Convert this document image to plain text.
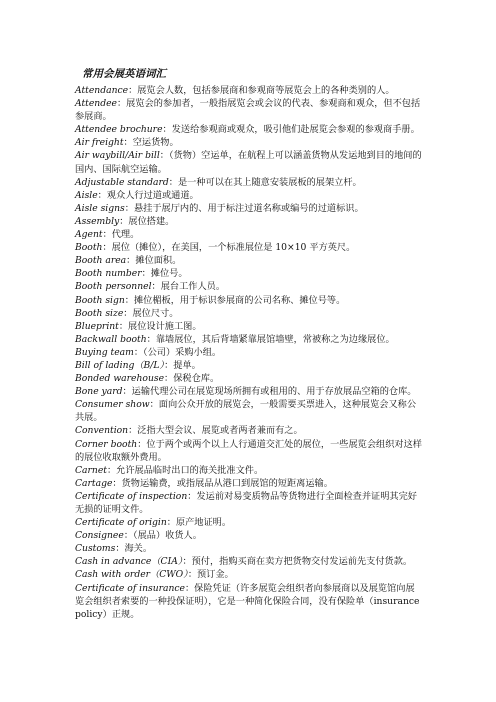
常用会展英语词汇

Attendance：展览会人数，包括参展商和参观商等展览会上的各种类别的人。

Attendee：展览会的参加者，一般指展览会或会议的代表、参观商和观众，但不包括参展商。

Attendee brochure：发送给参观商或观众，吸引他们赴展览会参观的参观商手册。

Air freight：空运货物。

Air waybill/Air bill：（货物）空运单，在航程上可以涵盖货物从发运地到目的地间的国内、国际航空运输。

Adjustable standard：是一种可以在其上随意安装展板的展架立杆。

Aisle：观众人行过道或通道。

Aisle signs：悬挂于展厅内的、用于标注过道名称或编号的过道标识。

Assembly：展位搭建。

Agent：代理。

Booth：展位（摊位），在美国，一个标准展位是 10×10 平方英尺。

Booth area：摊位面积。

Booth number：摊位号。

Booth personnel：展台工作人员。

Booth sign：摊位楣板，用于标识参展商的公司名称、摊位号等。

Booth size：展位尺寸。

Blueprint：展位设计施工图。

Backwall booth：靠墙展位，其后背墙紧靠展馆墙壁，常被称之为边缘展位。

Buying team：（公司）采购小组。

Bill of lading（B/L）：提单。

Bonded warehouse：保税仓库。

Bone yard：运输代理公司在展览现场所拥有或租用的、用于存放展品空箱的仓库。

Consumer show：面向公众开放的展览会，一般需要买票进入，这种展览会又称公共展。

Convention：泛指大型会议、展览或者两者兼而有之。

Corner booth：位于两个或两个以上人行通道交汇处的展位，一些展览会组织对这样的展位收取额外费用。

Carnet：允许展品临时出口的海关批准文件。

Cartage：货物运输费，或指展品从港口到展馆的短距离运输。

Certificate of inspection：发运前对易变质物品等货物进行全面检查并证明其完好无损的证明文件。

Certificate of origin：原产地证明。

Consignee：（展品）收货人。

Customs：海关。

Cash in advance（CIA）：预付，指购买商在卖方把货物交付发运前先支付货款。

Cash with order（CWO）：预订金。

Certificate of insurance：保险凭证（许多展览会组织者向参展商以及展览馆向展览会组织者索要的一种投保证明），它是一种简化保险合同，没有保险单（insurance policy）正规。
